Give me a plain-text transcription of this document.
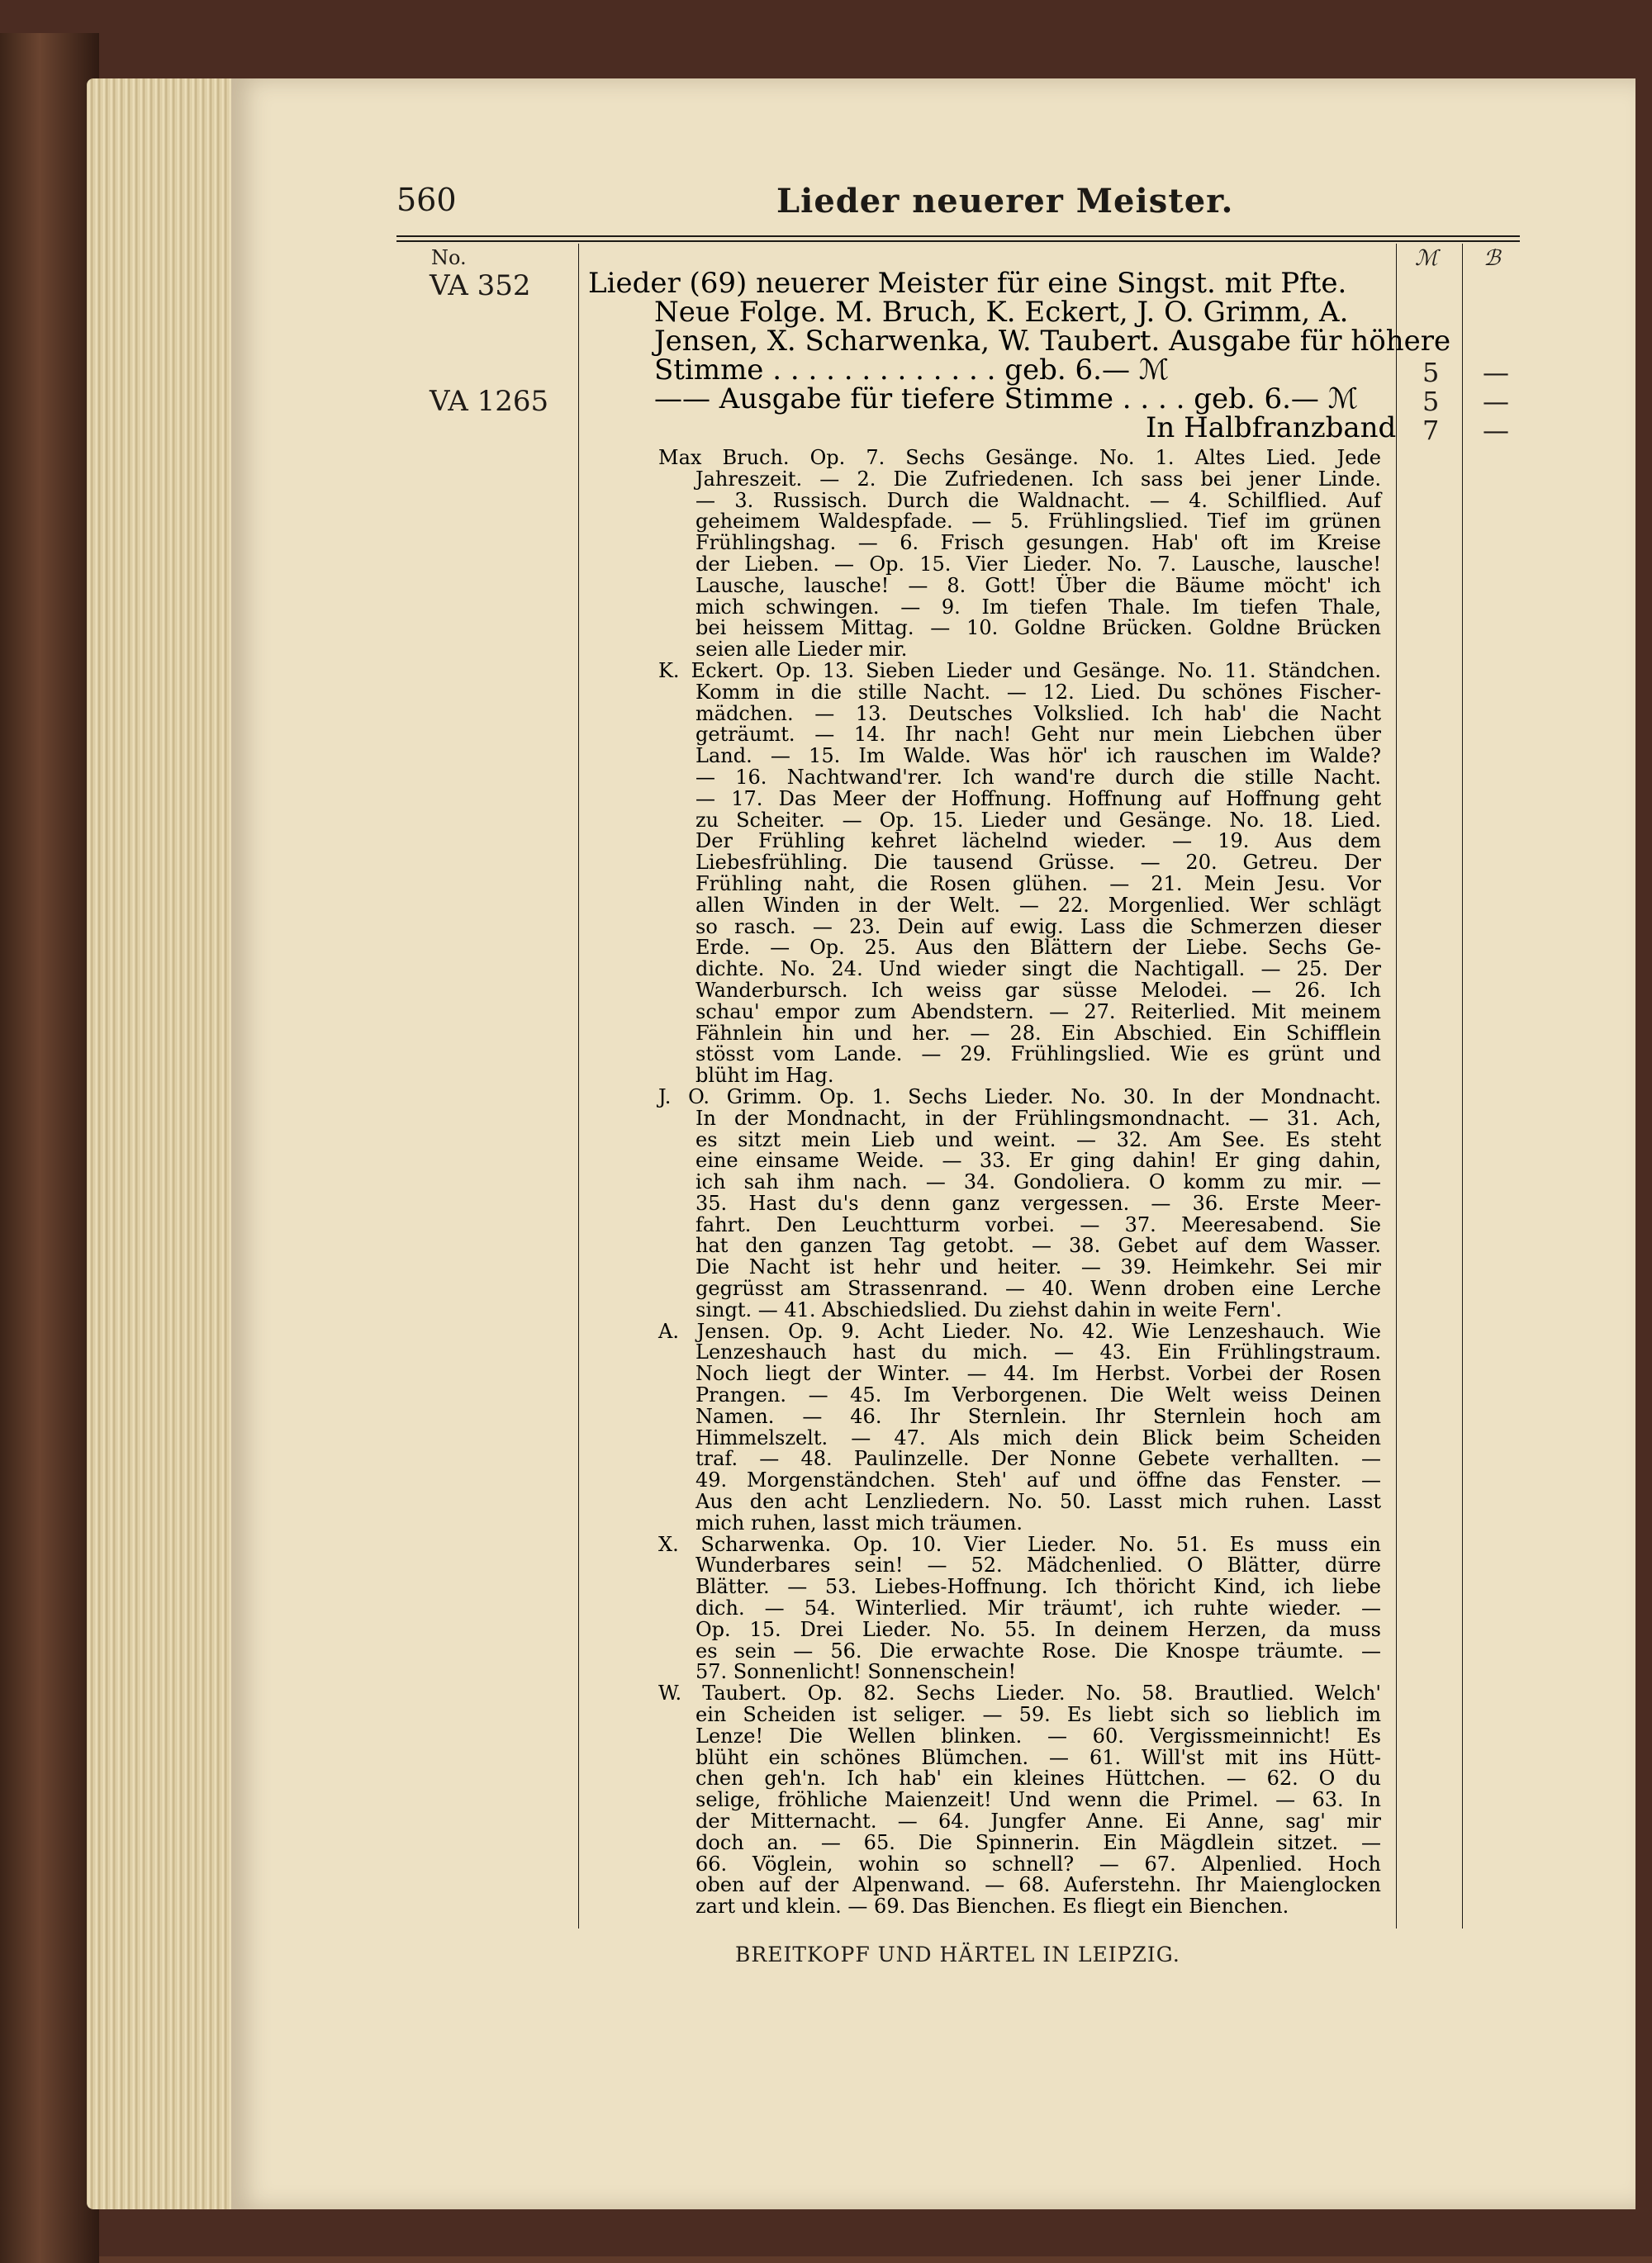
560	Lieder neuerer Meister.
No.	ℳ ℬ
VA 352
VA 1265
Lieder (69) neuerer Meister für eine Singst. mit Pfte.
Neue Folge. M. Bruch, K. Eckert, J. O. Grimm, A.
Jensen, X. Scharwenka, W. Taubert. Ausgabe für höhere
Stimme . . . . . . . . . . . . . geb. 6.— ℳ
—— Ausgabe für tiefere Stimme . . . . geb. 6.— ℳ
In Halbfranzband
5 —
5 —
7 —
Max Bruch. Op. 7. Sechs Gesänge. No. 1. Altes Lied. Jede
Jahreszeit. — 2. Die Zufriedenen. Ich sass bei jener Linde.
— 3. Russisch. Durch die Waldnacht. — 4. Schilflied. Auf
geheimem Waldespfade. — 5. Frühlingslied. Tief im grünen
Frühlingshag. — 6. Frisch gesungen. Hab' oft im Kreise
der Lieben. — Op. 15. Vier Lieder. No. 7. Lausche, lausche!
Lausche, lausche! — 8. Gott! Über die Bäume möcht' ich
mich schwingen. — 9. Im tiefen Thale. Im tiefen Thale,
bei heissem Mittag. — 10. Goldne Brücken. Goldne Brücken
seien alle Lieder mir.
K. Eckert. Op. 13. Sieben Lieder und Gesänge. No. 11. Ständchen.
Komm in die stille Nacht. — 12. Lied. Du schönes Fischer-
mädchen. — 13. Deutsches Volkslied. Ich hab' die Nacht
geträumt. — 14. Ihr nach! Geht nur mein Liebchen über
Land. — 15. Im Walde. Was hör' ich rauschen im Walde?
— 16. Nachtwand'rer. Ich wand're durch die stille Nacht.
— 17. Das Meer der Hoffnung. Hoffnung auf Hoffnung geht
zu Scheiter. — Op. 15. Lieder und Gesänge. No. 18. Lied.
Der Frühling kehret lächelnd wieder. — 19. Aus dem
Liebesfrühling. Die tausend Grüsse. — 20. Getreu. Der
Frühling naht, die Rosen glühen. — 21. Mein Jesu. Vor
allen Winden in der Welt. — 22. Morgenlied. Wer schlägt
so rasch. — 23. Dein auf ewig. Lass die Schmerzen dieser
Erde. — Op. 25. Aus den Blättern der Liebe. Sechs Ge-
dichte. No. 24. Und wieder singt die Nachtigall. — 25. Der
Wanderbursch. Ich weiss gar süsse Melodei. — 26. Ich
schau' empor zum Abendstern. — 27. Reiterlied. Mit meinem
Fähnlein hin und her. — 28. Ein Abschied. Ein Schifflein
stösst vom Lande. — 29. Frühlingslied. Wie es grünt und
blüht im Hag.
J. O. Grimm. Op. 1. Sechs Lieder. No. 30. In der Mondnacht.
In der Mondnacht, in der Frühlingsmondnacht. — 31. Ach,
es sitzt mein Lieb und weint. — 32. Am See. Es steht
eine einsame Weide. — 33. Er ging dahin! Er ging dahin,
ich sah ihm nach. — 34. Gondoliera. O komm zu mir. —
35. Hast du's denn ganz vergessen. — 36. Erste Meer-
fahrt. Den Leuchtturm vorbei. — 37. Meeresabend. Sie
hat den ganzen Tag getobt. — 38. Gebet auf dem Wasser.
Die Nacht ist hehr und heiter. — 39. Heimkehr. Sei mir
gegrüsst am Strassenrand. — 40. Wenn droben eine Lerche
singt. — 41. Abschiedslied. Du ziehst dahin in weite Fern'.
A. Jensen. Op. 9. Acht Lieder. No. 42. Wie Lenzeshauch. Wie
Lenzeshauch hast du mich. — 43. Ein Frühlingstraum.
Noch liegt der Winter. — 44. Im Herbst. Vorbei der Rosen
Prangen. — 45. Im Verborgenen. Die Welt weiss Deinen
Namen. — 46. Ihr Sternlein. Ihr Sternlein hoch am
Himmelszelt. — 47. Als mich dein Blick beim Scheiden
traf. — 48. Paulinzelle. Der Nonne Gebete verhallten. —
49. Morgenständchen. Steh' auf und öffne das Fenster. —
Aus den acht Lenzliedern. No. 50. Lasst mich ruhen. Lasst
mich ruhen, lasst mich träumen.
X. Scharwenka. Op. 10. Vier Lieder. No. 51. Es muss ein
Wunderbares sein! — 52. Mädchenlied. O Blätter, dürre
Blätter. — 53. Liebes-Hoffnung. Ich thöricht Kind, ich liebe
dich. — 54. Winterlied. Mir träumt', ich ruhte wieder. —
Op. 15. Drei Lieder. No. 55. In deinem Herzen, da muss
es sein — 56. Die erwachte Rose. Die Knospe träumte. —
57. Sonnenlicht! Sonnenschein!
W. Taubert. Op. 82. Sechs Lieder. No. 58. Brautlied. Welch'
ein Scheiden ist seliger. — 59. Es liebt sich so lieblich im
Lenze! Die Wellen blinken. — 60. Vergissmeinnicht! Es
blüht ein schönes Blümchen. — 61. Will'st mit ins Hütt-
chen geh'n. Ich hab' ein kleines Hüttchen. — 62. O du
selige, fröhliche Maienzeit! Und wenn die Primel. — 63. In
der Mitternacht. — 64. Jungfer Anne. Ei Anne, sag' mir
doch an. — 65. Die Spinnerin. Ein Mägdlein sitzet. —
66. Vöglein, wohin so schnell? — 67. Alpenlied. Hoch
oben auf der Alpenwand. — 68. Auferstehn. Ihr Maienglocken
zart und klein. — 69. Das Bienchen. Es fliegt ein Bienchen.
BREITKOPF UND HÄRTEL IN LEIPZIG.
